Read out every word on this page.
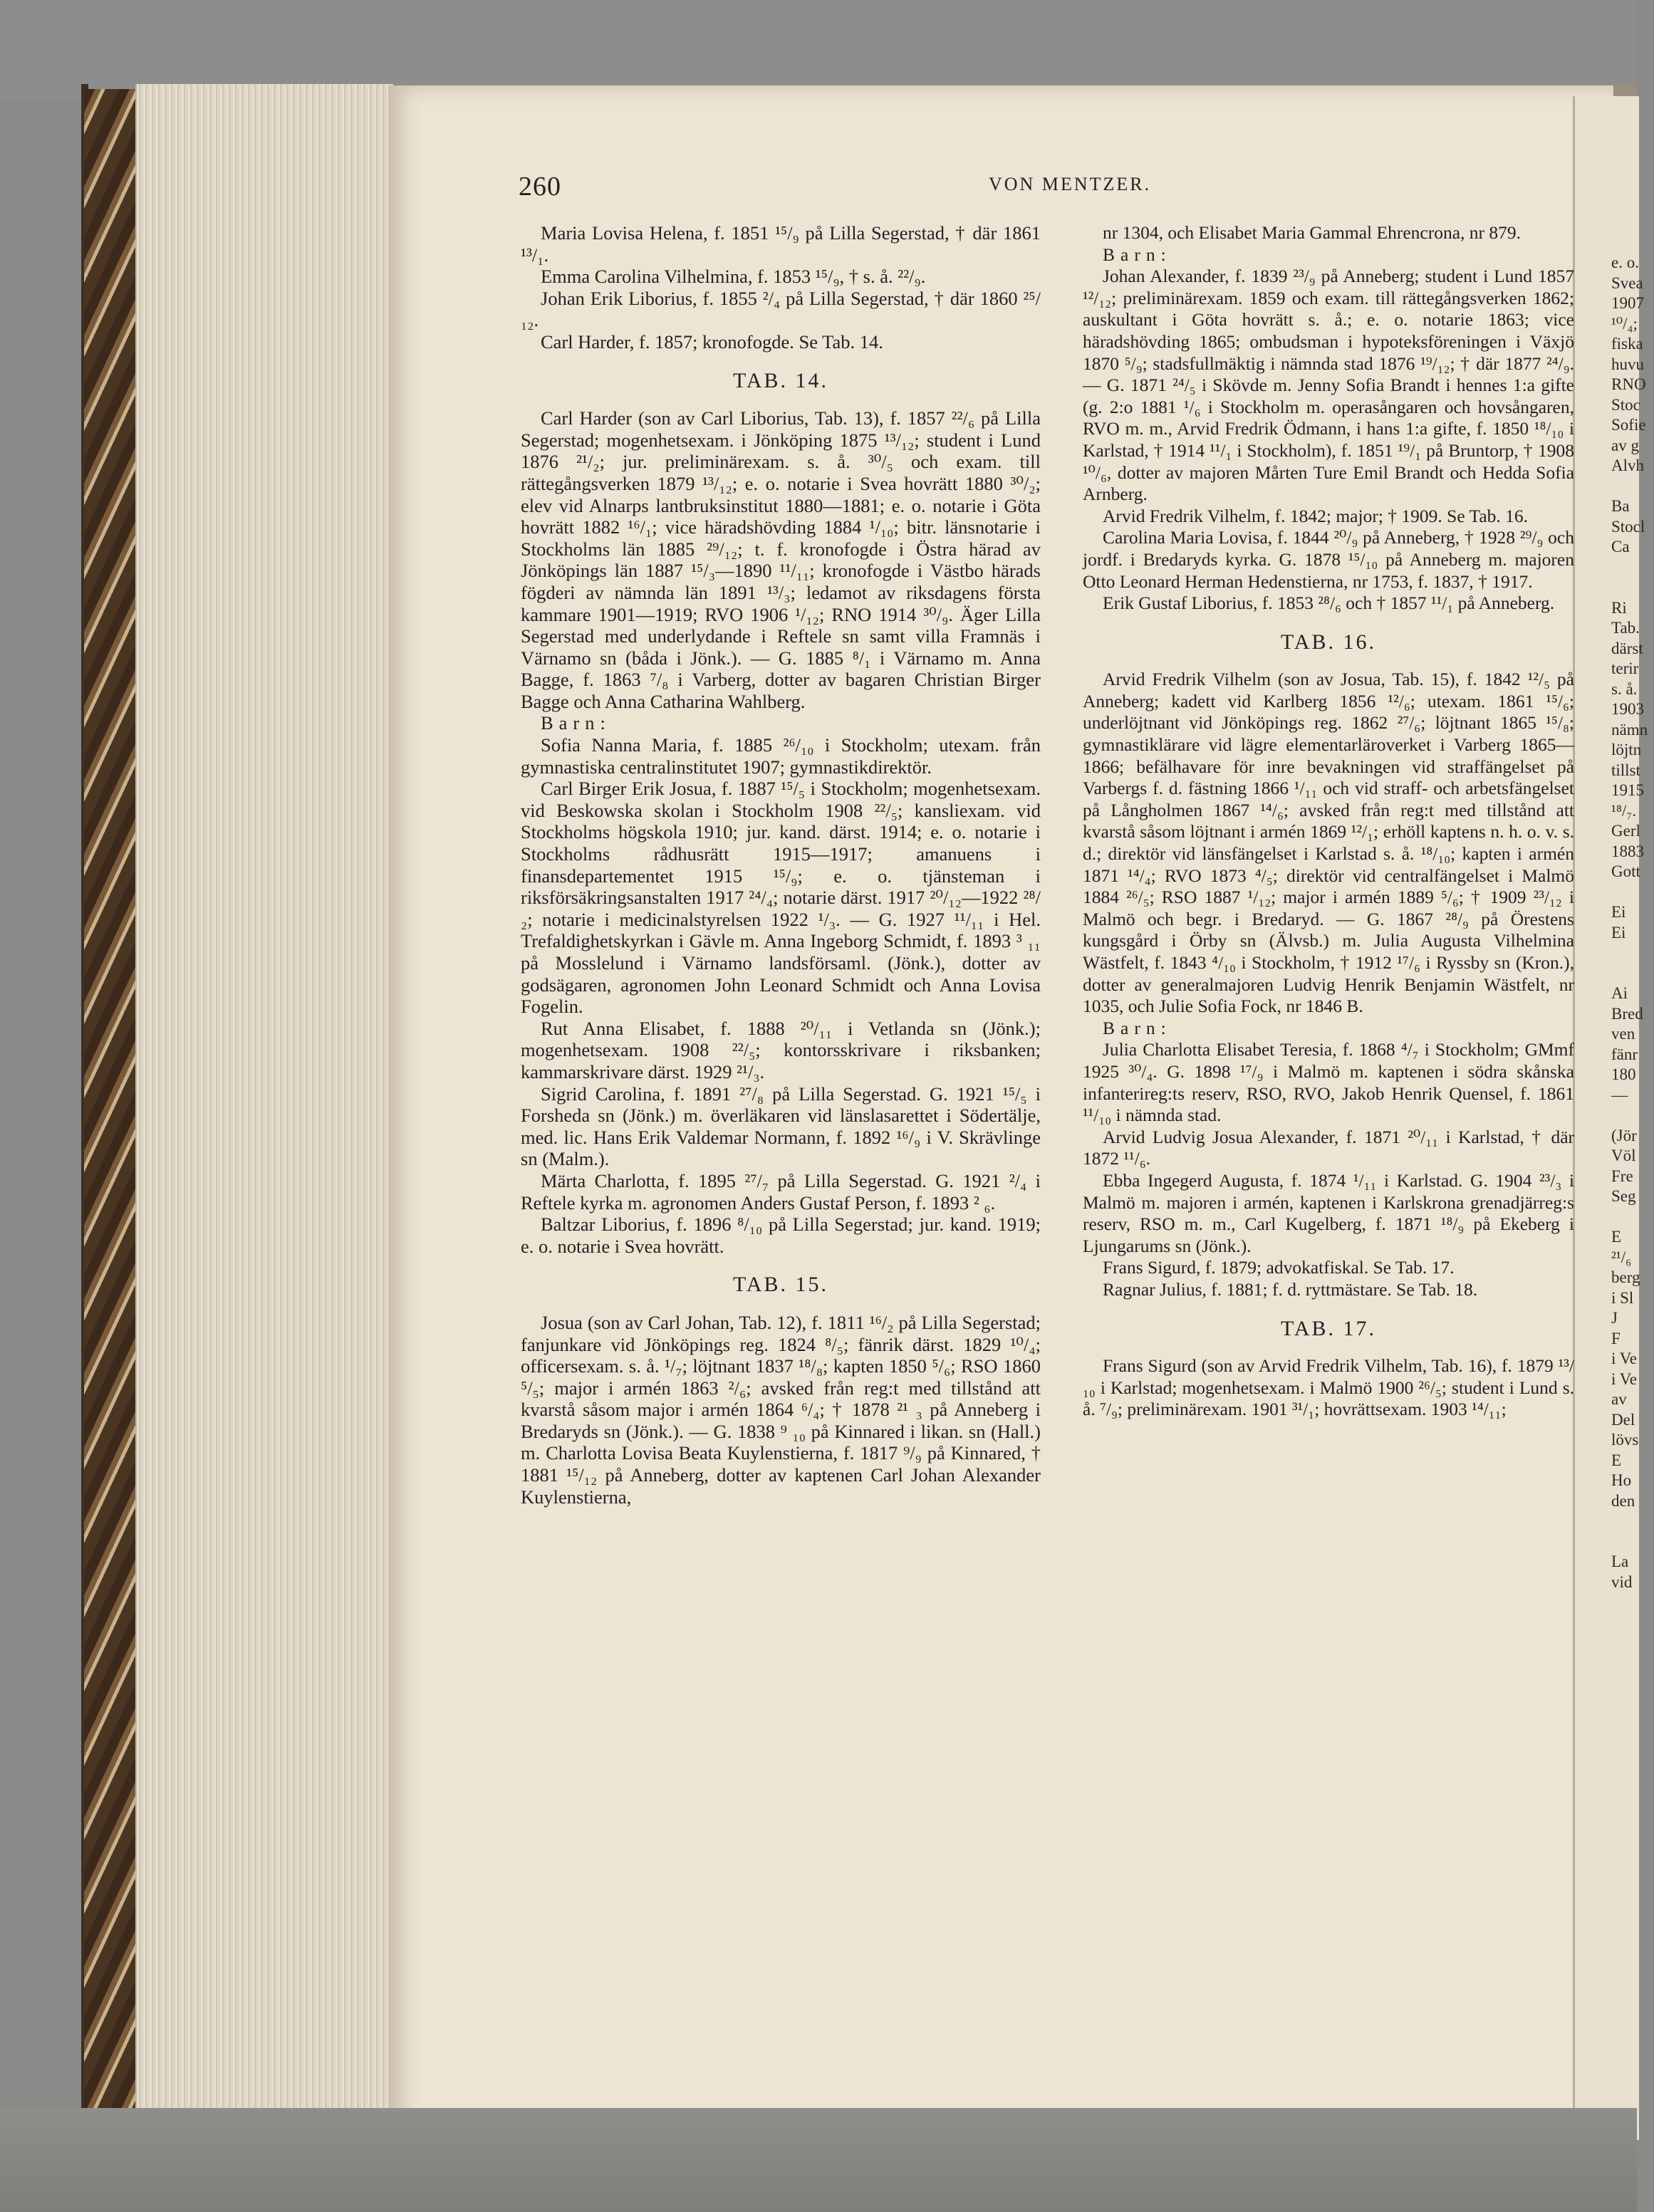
260	VON MENTZER.
Maria Lovisa Helena, f. 1851 ¹⁵/₉ på Lilla Segerstad, † där 1861 ¹³/₁.
Emma Carolina Vilhelmina, f. 1853 ¹⁵/₉, † s. å. ²²/₉.
Johan Erik Liborius, f. 1855 ²/₄ på Lilla Segerstad, † där 1860 ²⁵/₁₂.
Carl Harder, f. 1857; kronofogde. Se Tab. 14.
TAB. 14.
Carl Harder (son av Carl Liborius, Tab. 13), f. 1857 ²²/₆ på Lilla Segerstad; mogenhetsexam. i Jönköping 1875 ¹³/₁₂; student i Lund 1876 ²¹/₂; jur. preliminärexam. s. å. ³⁰/₅ och exam. till rättegångsverken 1879 ¹³/₁₂; e. o. notarie i Svea hovrätt 1880 ³⁰/₂; elev vid Alnarps lantbruksinstitut 1880—1881; e. o. notarie i Göta hovrätt 1882 ¹⁶/₁; vice häradshövding 1884 ¹/₁₀; bitr. länsnotarie i Stockholms län 1885 ²⁹/₁₂; t. f. kronofogde i Östra härad av Jönköpings län 1887 ¹⁵/₃—1890 ¹¹/₁₁; kronofogde i Västbo härads fögderi av nämnda län 1891 ¹³/₃; ledamot av riksdagens första kammare 1901—1919; RVO 1906 ¹/₁₂; RNO 1914 ³⁰/₉. Äger Lilla Segerstad med underlydande i Reftele sn samt villa Framnäs i Värnamo sn (båda i Jönk.). — G. 1885 ⁸/₁ i Värnamo m. Anna Bagge, f. 1863 ⁷/₈ i Varberg, dotter av bagaren Christian Birger Bagge och Anna Catharina Wahlberg.
Barn:
Sofia Nanna Maria, f. 1885 ²⁶/₁₀ i Stockholm; utexam. från gymnastiska centralinstitutet 1907; gymnastikdirektör.
Carl Birger Erik Josua, f. 1887 ¹⁵/₅ i Stockholm; mogenhetsexam. vid Beskowska skolan i Stockholm 1908 ²²/₅; kansliexam. vid Stockholms högskola 1910; jur. kand. därst. 1914; e. o. notarie i Stockholms rådhusrätt 1915—1917; amanuens i finansdepartementet 1915 ¹⁵/₉; e. o. tjänsteman i riksförsäkringsanstalten 1917 ²⁴/₄; notarie därst. 1917 ²⁰/₁₂—1922 ²⁸/₂; notarie i medicinalstyrelsen 1922 ¹/₃. — G. 1927 ¹¹/₁₁ i Hel. Trefaldighetskyrkan i Gävle m. Anna Ingeborg Schmidt, f. 1893 ³ ₁₁ på Mosslelund i Värnamo landsförsaml. (Jönk.), dotter av godsägaren, agronomen John Leonard Schmidt och Anna Lovisa Fogelin.
Rut Anna Elisabet, f. 1888 ²⁰/₁₁ i Vetlanda sn (Jönk.); mogenhetsexam. 1908 ²²/₅; kontorsskrivare i riksbanken; kammarskrivare därst. 1929 ²¹/₃.
Sigrid Carolina, f. 1891 ²⁷/₈ på Lilla Segerstad. G. 1921 ¹⁵/₅ i Forsheda sn (Jönk.) m. överläkaren vid länslasarettet i Södertälje, med. lic. Hans Erik Valdemar Normann, f. 1892 ¹⁶/₉ i V. Skrävlinge sn (Malm.).
Märta Charlotta, f. 1895 ²⁷/₇ på Lilla Segerstad. G. 1921 ²/₄ i Reftele kyrka m. agronomen Anders Gustaf Person, f. 1893 ² ₆.
Baltzar Liborius, f. 1896 ⁸/₁₀ på Lilla Segerstad; jur. kand. 1919; e. o. notarie i Svea hovrätt.
TAB. 15.
Josua (son av Carl Johan, Tab. 12), f. 1811 ¹⁶/₂ på Lilla Segerstad; fanjunkare vid Jönköpings reg. 1824 ⁸/₅; fänrik därst. 1829 ¹⁰/₄; officersexam. s. å. ¹/₇; löjtnant 1837 ¹⁸/₈; kapten 1850 ⁵/₆; RSO 1860 ⁵/₅; major i armén 1863 ²/₆; avsked från reg:t med tillstånd att kvarstå såsom major i armén 1864 ⁶/₄; † 1878 ²¹ ₃ på Anneberg i Bredaryds sn (Jönk.). — G. 1838 ⁹ ₁₀ på Kinnared i likan. sn (Hall.) m. Charlotta Lovisa Beata Kuylenstierna, f. 1817 ⁹/₉ på Kinnared, † 1881 ¹⁵/₁₂ på Anneberg, dotter av kaptenen Carl Johan Alexander Kuylenstierna,
nr 1304, och Elisabet Maria Gammal Ehrencrona, nr 879.
Barn:
Johan Alexander, f. 1839 ²³/₉ på Anneberg; student i Lund 1857 ¹²/₁₂; preliminärexam. 1859 och exam. till rättegångsverken 1862; auskultant i Göta hovrätt s. å.; e. o. notarie 1863; vice häradshövding 1865; ombudsman i hypoteksföreningen i Växjö 1870 ⁵/₉; stadsfullmäktig i nämnda stad 1876 ¹⁹/₁₂; † där 1877 ²⁴/₉. — G. 1871 ²⁴/₅ i Skövde m. Jenny Sofia Brandt i hennes 1:a gifte (g. 2:o 1881 ¹/₆ i Stockholm m. operasångaren och hovsångaren, RVO m. m., Arvid Fredrik Ödmann, i hans 1:a gifte, f. 1850 ¹⁸/₁₀ i Karlstad, † 1914 ¹¹/₁ i Stockholm), f. 1851 ¹⁹/₁ på Bruntorp, † 1908 ¹⁰/₆, dotter av majoren Mårten Ture Emil Brandt och Hedda Sofia Arnberg.
Arvid Fredrik Vilhelm, f. 1842; major; † 1909. Se Tab. 16.
Carolina Maria Lovisa, f. 1844 ²⁰/₉ på Anneberg, † 1928 ²⁹/₉ och jordf. i Bredaryds kyrka. G. 1878 ¹⁵/₁₀ på Anneberg m. majoren Otto Leonard Herman Hedenstierna, nr 1753, f. 1837, † 1917.
Erik Gustaf Liborius, f. 1853 ²⁸/₆ och † 1857 ¹¹/₁ på Anneberg.
TAB. 16.
Arvid Fredrik Vilhelm (son av Josua, Tab. 15), f. 1842 ¹²/₅ på Anneberg; kadett vid Karlberg 1856 ¹²/₆; utexam. 1861 ¹⁵/₆; underlöjtnant vid Jönköpings reg. 1862 ²⁷/₆; löjtnant 1865 ¹⁵/₈; gymnastiklärare vid lägre elementarläroverket i Varberg 1865—1866; befälhavare för inre bevakningen vid straffängelset på Varbergs f. d. fästning 1866 ¹/₁₁ och vid straff- och arbetsfängelset på Långholmen 1867 ¹⁴/₆; avsked från reg:t med tillstånd att kvarstå såsom löjtnant i armén 1869 ¹²/₁; erhöll kaptens n. h. o. v. s. d.; direktör vid länsfängelset i Karlstad s. å. ¹⁸/₁₀; kapten i armén 1871 ¹⁴/₄; RVO 1873 ⁴/₅; direktör vid centralfängelset i Malmö 1884 ²⁶/₅; RSO 1887 ¹/₁₂; major i armén 1889 ⁵/₆; † 1909 ²³/₁₂ i Malmö och begr. i Bredaryd. — G. 1867 ²⁸/₉ på Örestens kungsgård i Örby sn (Älvsb.) m. Julia Augusta Vilhelmina Wästfelt, f. 1843 ⁴/₁₀ i Stockholm, † 1912 ¹⁷/₆ i Ryssby sn (Kron.), dotter av generalmajoren Ludvig Henrik Benjamin Wästfelt, nr 1035, och Julie Sofia Fock, nr 1846 B.
Barn:
Julia Charlotta Elisabet Teresia, f. 1868 ⁴/₇ i Stockholm; GMmf 1925 ³⁰/₄. G. 1898 ¹⁷/₉ i Malmö m. kaptenen i södra skånska infanterireg:ts reserv, RSO, RVO, Jakob Henrik Quensel, f. 1861 ¹¹/₁₀ i nämnda stad.
Arvid Ludvig Josua Alexander, f. 1871 ²⁰/₁₁ i Karlstad, † där 1872 ¹¹/₆.
Ebba Ingegerd Augusta, f. 1874 ¹/₁₁ i Karlstad. G. 1904 ²³/₃ i Malmö m. majoren i armén, kaptenen i Karlskrona grenadjärreg:s reserv, RSO m. m., Carl Kugelberg, f. 1871 ¹⁸/₉ på Ekeberg i Ljungarums sn (Jönk.).
Frans Sigurd, f. 1879; advokatfiskal. Se Tab. 17.
Ragnar Julius, f. 1881; f. d. ryttmästare. Se Tab. 18.
TAB. 17.
Frans Sigurd (son av Arvid Fredrik Vilhelm, Tab. 16), f. 1879 ¹³/₁₀ i Karlstad; mogenhetsexam. i Malmö 1900 ²⁶/₅; student i Lund s. å. ⁷/₉; preliminärexam. 1901 ³¹/₁; hovrättsexam. 1903 ¹⁴/₁₁;
e. o.
Svea
1907
¹⁰/₄;
fiska
huvu
RNO
Stoc
Sofie
av g
Alvh
Ba
Stocl
Ca
Ri
Tab.
därst
terir
s. å.
1903
nämn
löjtn
tillst
1915
¹⁸/₇.
Gerl
1883
Gott
Ei
Ei
Ai
Bred
ven
fänr
180
—
(Jör
Völ
Fre
Seg
E
²¹/₆
berg
i Sl
J
F
i Ve
i Ve
av
Del
lövs
E
Ho
den
La
vid
